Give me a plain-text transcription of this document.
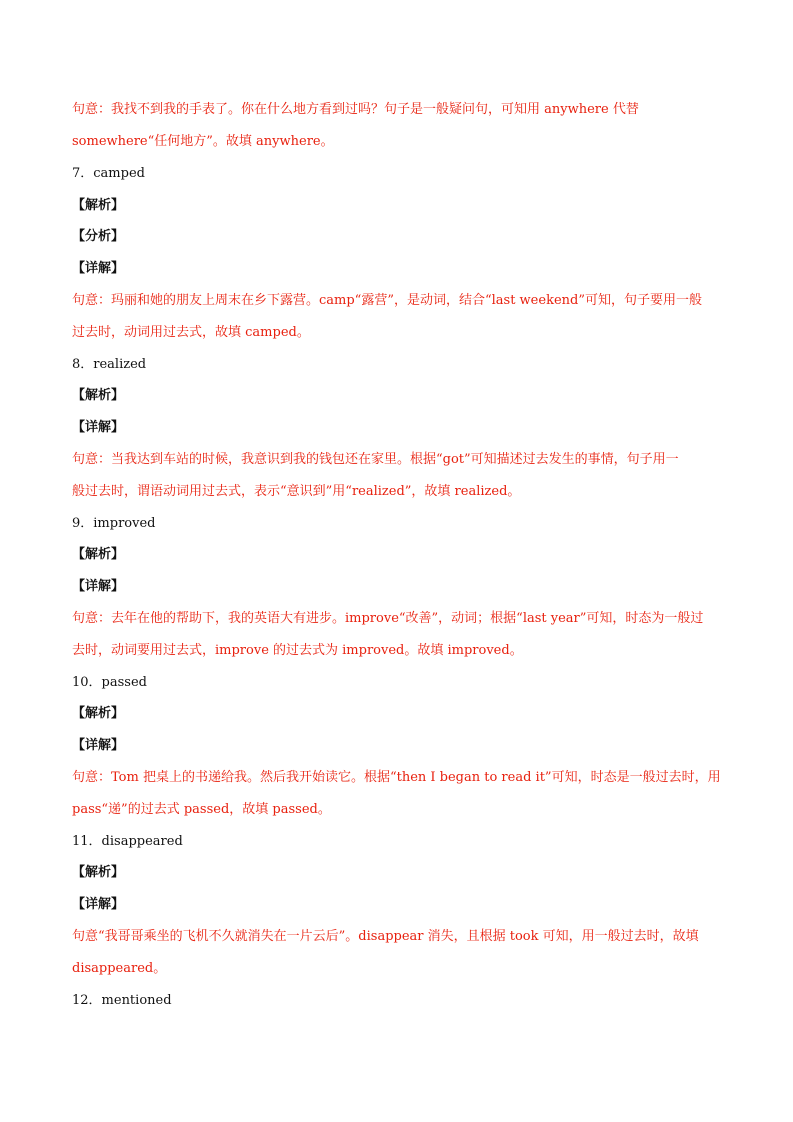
句意：我找不到我的手表了。你在什么地方看到过吗？句子是一般疑问句，可知用 anywhere 代替
somewhere“任何地方”。故填 anywhere。
7．camped
【解析】
【分析】
【详解】
句意：玛丽和她的朋友上周末在乡下露营。camp“露营”，是动词，结合“last weekend”可知，句子要用一般
过去时，动词用过去式，故填 camped。
8．realized
【解析】
【详解】
句意：当我达到车站的时候，我意识到我的钱包还在家里。根据“got”可知描述过去发生的事情，句子用一
般过去时，谓语动词用过去式，表示“意识到”用“realized”，故填 realized。
9．improved
【解析】
【详解】
句意：去年在他的帮助下，我的英语大有进步。improve“改善”，动词；根据“last year”可知，时态为一般过
去时，动词要用过去式，improve 的过去式为 improved。故填 improved。
10．passed
【解析】
【详解】
句意：Tom 把桌上的书递给我。然后我开始读它。根据“then I began to read it”可知，时态是一般过去时，用
pass“递”的过去式 passed，故填 passed。
11．disappeared
【解析】
【详解】
句意“我哥哥乘坐的飞机不久就消失在一片云后”。disappear 消失，且根据 took 可知，用一般过去时，故填
disappeared。
12．mentioned
